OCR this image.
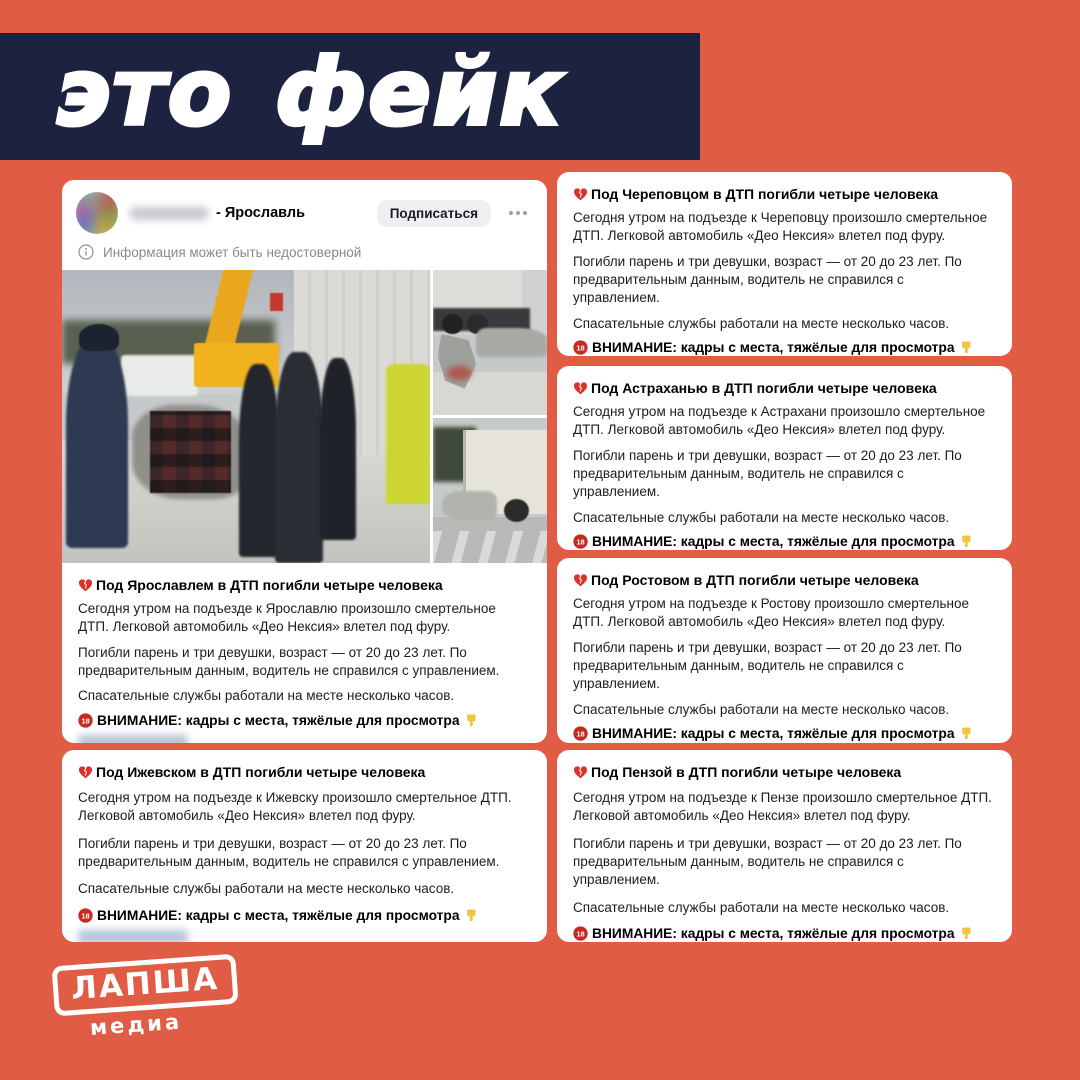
это фейк
- Ярославль	Подписаться
Информация может быть недостоверной
Под Ярославлем в ДТП погибли четыре человека

Сегодня утром на подъезде к Ярославлю произошло смертельное ДТП. Легковой автомобиль «Део Нексия» влетел под фуру.

Погибли парень и три девушки, возраст — от 20 до 23 лет. По предварительным данным, водитель не справился с управлением.

Спасательные службы работали на месте несколько часов.

18 ВНИМАНИЕ: кадры с места, тяжёлые для просмотра
Под Череповцом в ДТП погибли четыре человека

Сегодня утром на подъезде к Череповцу произошло смертельное ДТП. Легковой автомобиль «Део Нексия» влетел под фуру.

Погибли парень и три девушки, возраст — от 20 до 23 лет. По предварительным данным, водитель не справился с управлением.

Спасательные службы работали на месте несколько часов.

18 ВНИМАНИЕ: кадры с места, тяжёлые для просмотра
Под Астраханью в ДТП погибли четыре человека

Сегодня утром на подъезде к Астрахани произошло смертельное ДТП. Легковой автомобиль «Део Нексия» влетел под фуру.

Погибли парень и три девушки, возраст — от 20 до 23 лет. По предварительным данным, водитель не справился с управлением.

Спасательные службы работали на месте несколько часов.

18 ВНИМАНИЕ: кадры с места, тяжёлые для просмотра
Под Ростовом в ДТП погибли четыре человека

Сегодня утром на подъезде к Ростову произошло смертельное ДТП. Легковой автомобиль «Део Нексия» влетел под фуру.

Погибли парень и три девушки, возраст — от 20 до 23 лет. По предварительным данным, водитель не справился с управлением.

Спасательные службы работали на месте несколько часов.

18 ВНИМАНИЕ: кадры с места, тяжёлые для просмотра
Под Ижевском в ДТП погибли четыре человека

Сегодня утром на подъезде к Ижевску произошло смертельное ДТП. Легковой автомобиль «Део Нексия» влетел под фуру.

Погибли парень и три девушки, возраст — от 20 до 23 лет. По предварительным данным, водитель не справился с управлением.

Спасательные службы работали на месте несколько часов.

18 ВНИМАНИЕ: кадры с места, тяжёлые для просмотра
Под Пензой в ДТП погибли четыре человека

Сегодня утром на подъезде к Пензе произошло смертельное ДТП. Легковой автомобиль «Део Нексия» влетел под фуру.

Погибли парень и три девушки, возраст — от 20 до 23 лет. По предварительным данным, водитель не справился с управлением.

Спасательные службы работали на месте несколько часов.

18 ВНИМАНИЕ: кадры с места, тяжёлые для просмотра
ЛАПША
медиа
